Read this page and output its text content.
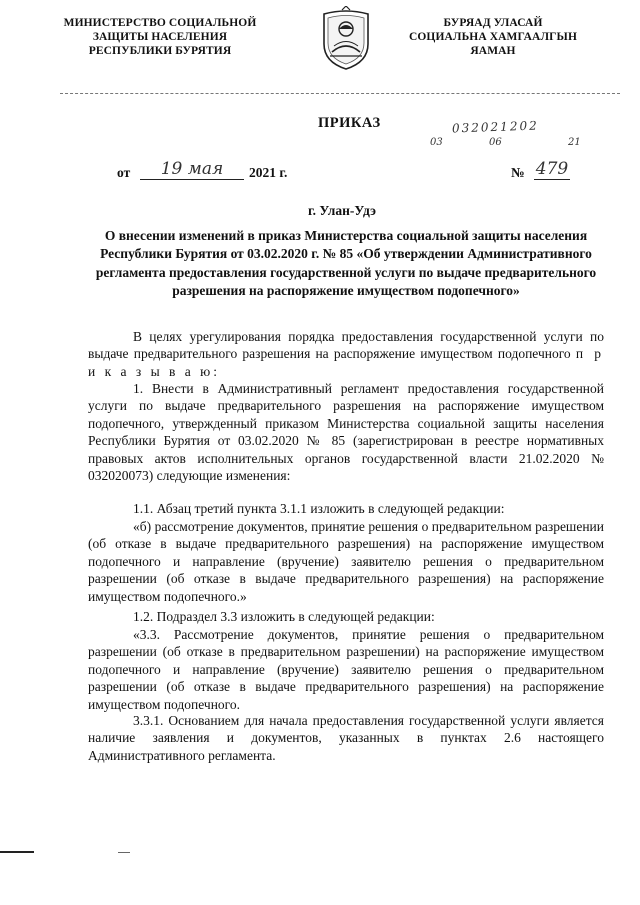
МИНИСТЕРСТВО СОЦИАЛЬНОЙ
ЗАЩИТЫ НАСЕЛЕНИЯ
РЕСПУБЛИКИ БУРЯТИЯ
БУРЯАД УЛАСАЙ
СОЦИАЛЬНА ХАМГААЛГЫН
ЯАМАН
ПРИКАЗ	032021202
03	06	21
от	19 мая	2021 г.	№ 479
г. Улан-Удэ
О внесении изменений в приказ Министерства социальной защиты населения Республики Бурятия от 03.02.2020 г. № 85 «Об утверждении Административного регламента предоставления государственной услуги по выдаче предварительного разрешения на распоряжение имуществом подопечного»
В целях урегулирования порядка предоставления государственной услуги по выдаче предварительного разрешения на распоряжение имуществом подопечного п р и к а з ы в а ю:
1. Внести в Административный регламент предоставления государственной услуги по выдаче предварительного разрешения на распоряжение имуществом подопечного, утвержденный приказом Министерства социальной защиты населения Республики Бурятия от 03.02.2020 № 85 (зарегистрирован в реестре нормативных правовых актов исполнительных органов государственной власти 21.02.2020 № 032020073) следующие изменения:
1.1. Абзац третий пункта 3.1.1 изложить в следующей редакции:
«б) рассмотрение документов, принятие решения о предварительном разрешении (об отказе в выдаче предварительного разрешения) на распоряжение имуществом подопечного и направление (вручение) заявителю решения о предварительном разрешении (об отказе в выдаче предварительного разрешения) на распоряжение имуществом подопечного.»
1.2. Подраздел 3.3 изложить в следующей редакции:
«3.3. Рассмотрение документов, принятие решения о предварительном разрешении (об отказе в предварительном разрешении) на распоряжение имуществом подопечного и направление (вручение) заявителю решения о предварительном разрешении (об отказе в выдаче предварительного разрешения) на распоряжение имуществом подопечного.
3.3.1. Основанием для начала предоставления государственной услуги является наличие заявления и документов, указанных в пунктах 2.6 настоящего Административного регламента.
